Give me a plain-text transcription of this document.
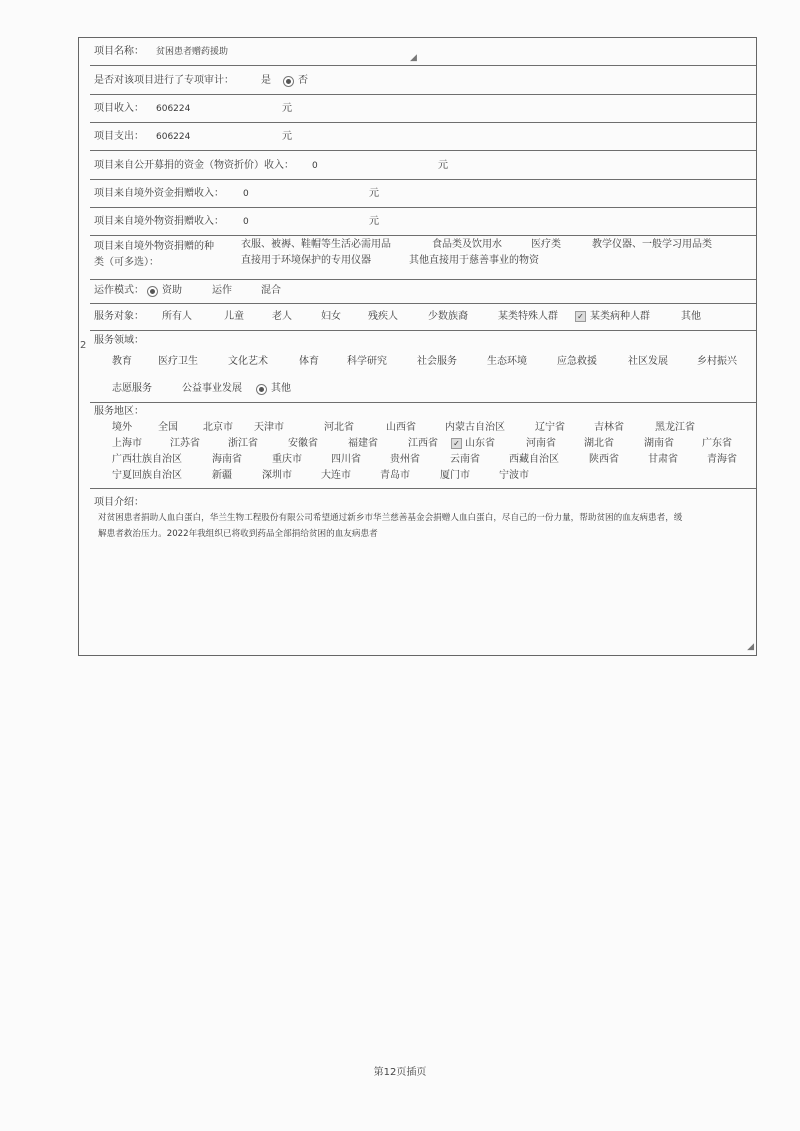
2
项目名称： 贫困患者赠药援助
◢
是否对该项目进行了专项审计：	是	否
项目收入： 606224	元
项目支出： 606224	元
项目来自公开募捐的资金（物资折价）收入： 0	元
项目来自境外资金捐赠收入： 0	元
项目来自境外物资捐赠收入： 0	元
项目来自境外物资捐赠的种
类（可多选）：
衣服、被褥、鞋帽等生活必需用品	食品类及饮用水	医疗类	教学仪器、一般学习用品类
直接用于环境保护的专用仪器	其他直接用于慈善事业的物资
运作模式： 资助	运作	混合
服务对象： 所有人	儿童	老人	妇女	残疾人	少数族裔	某类特殊人群 ✓ 某类病种人群	其他
服务领域：
教育	医疗卫生	文化艺术	体育	科学研究	社会服务	生态环境	应急救援	社区发展	乡村振兴
志愿服务	公益事业发展	其他
服务地区：
境外	全国	北京市 天津市	河北省	山西省	内蒙古自治区	辽宁省	吉林省	黑龙江省
上海市	江苏省	浙江省	安徽省	福建省	江西省 ✓ 山东省	河南省	湖北省	湖南省	广东省
广西壮族自治区	海南省	重庆市	四川省	贵州省	云南省	西藏自治区	陕西省	甘肃省	青海省
宁夏回族自治区	新疆	深圳市	大连市	青岛市	厦门市	宁波市
项目介绍：
对贫困患者捐助人血白蛋白，华兰生物工程股份有限公司希望通过新乡市华兰慈善基金会捐赠人血白蛋白，尽自己的一份力量，帮助贫困的血友病患者，缓
解患者救治压力。2022年我组织已将收到药品全部捐给贫困的血友病患者
◢
第12页插页
